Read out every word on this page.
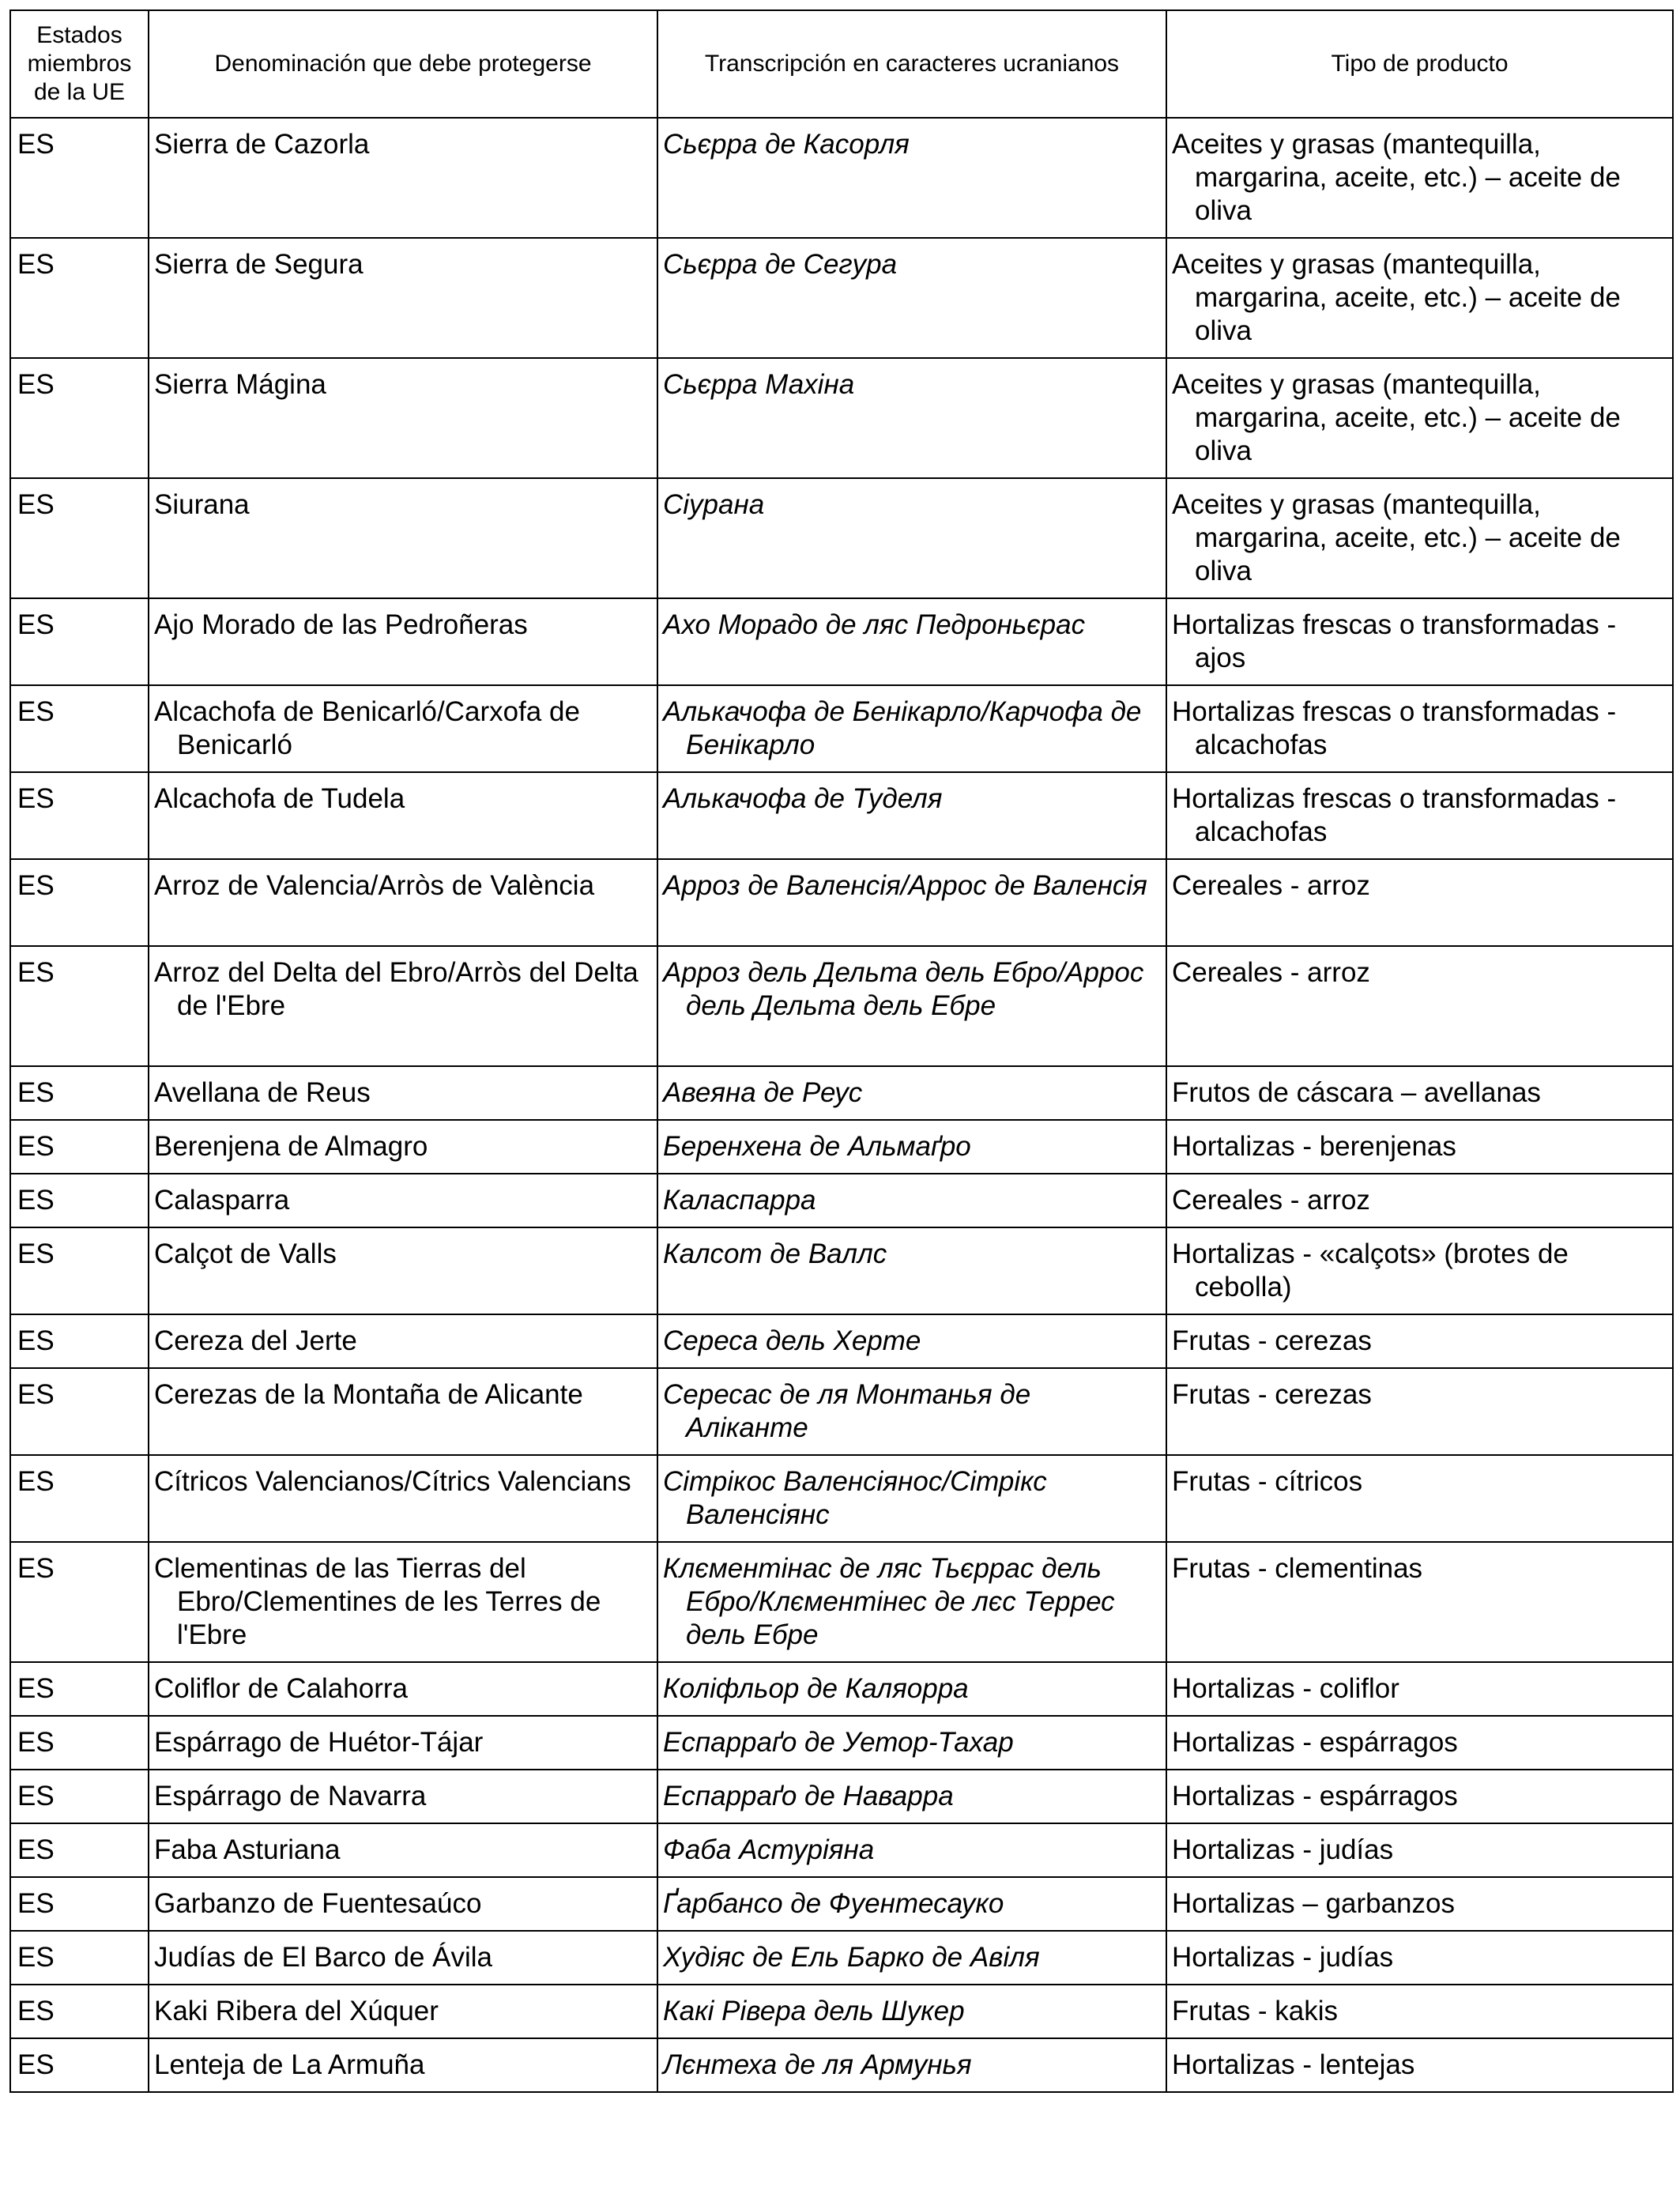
Estados miembros de la UE	Denominación que debe protegerse	Transcripción en caracteres ucranianos	Tipo de producto

ES	Sierra de Cazorla	Сьєрра де Касорля	Aceites y grasas (mantequilla, margarina, aceite, etc.) – aceite de oliva

ES	Sierra de Segura	Сьєрра де Сегура	Aceites y grasas (mantequilla, margarina, aceite, etc.) – aceite de oliva

ES	Sierra Mágina	Сьєрра Махіна	Aceites y grasas (mantequilla, margarina, aceite, etc.) – aceite de oliva

ES	Siurana	Сіурана	Aceites y grasas (mantequilla, margarina, aceite, etc.) – aceite de oliva

ES	Ajo Morado de las Pedroñeras	Ахо Морадо де ляс Педроньєрас	Hortalizas frescas o transformadas - ajos

ES	Alcachofa de Benicarló/Carxofa de Benicarló	Алькачофа де Бенікарло/Карчофа де Бенікарло	Hortalizas frescas o transformadas - alcachofas

ES	Alcachofa de Tudela	Алькачофа де Туделя	Hortalizas frescas o transformadas - alcachofas

ES	Arroz de Valencia/Arròs de València	Арроз де Валенсія/Аррос де Валенсія	Cereales - arroz

ES	Arroz del Delta del Ebro/Arròs del Delta de l'Ebre	Арроз дель Дельта дель Ебро/Аррос дель Дельта дель Ебре	Cereales - arroz

ES	Avellana de Reus	Авеяна де Реус	Frutos de cáscara – avellanas

ES	Berenjena de Almagro	Беренхена де Альмаґро	Hortalizas - berenjenas

ES	Calasparra	Каласпарра	Cereales - arroz

ES	Calçot de Valls	Калсот де Валлс	Hortalizas - «calçots» (brotes de cebolla)

ES	Cereza del Jerte	Сереса дель Херте	Frutas - cerezas

ES	Cerezas de la Montaña de Alicante	Сересас де ля Монтанья де Аліканте	Frutas - cerezas

ES	Cítricos Valencianos/Cítrics Valencians	Сітрікос Валенсіянос/Сітрікс Валенсіянс	Frutas - cítricos

ES	Clementinas de las Tierras del Ebro/Clementines de les Terres de l'Ebre	Клєментінас де ляс Тьєррас дель Ебро/Клєментінес де лєс Террес дель Ебре	Frutas - clementinas

ES	Coliflor de Calahorra	Коліфльор де Каляорра	Hortalizas - coliflor

ES	Espárrago de Huétor-Tájar	Еспарраґо де Уетор-Тахар	Hortalizas - espárragos

ES	Espárrago de Navarra	Еспарраґо де Наварра	Hortalizas - espárragos

ES	Faba Asturiana	Фаба Астуріяна	Hortalizas - judías

ES	Garbanzo de Fuentesaúco	Ґарбансо де Фуентесауко	Hortalizas – garbanzos

ES	Judías de El Barco de Ávila	Худіяс де Ель Барко де Авіля	Hortalizas - judías

ES	Kaki Ribera del Xúquer	Какі Рівера дель Шукер	Frutas - kakis

ES	Lenteja de La Armuña	Лєнтеха де ля Армунья	Hortalizas - lentejas
